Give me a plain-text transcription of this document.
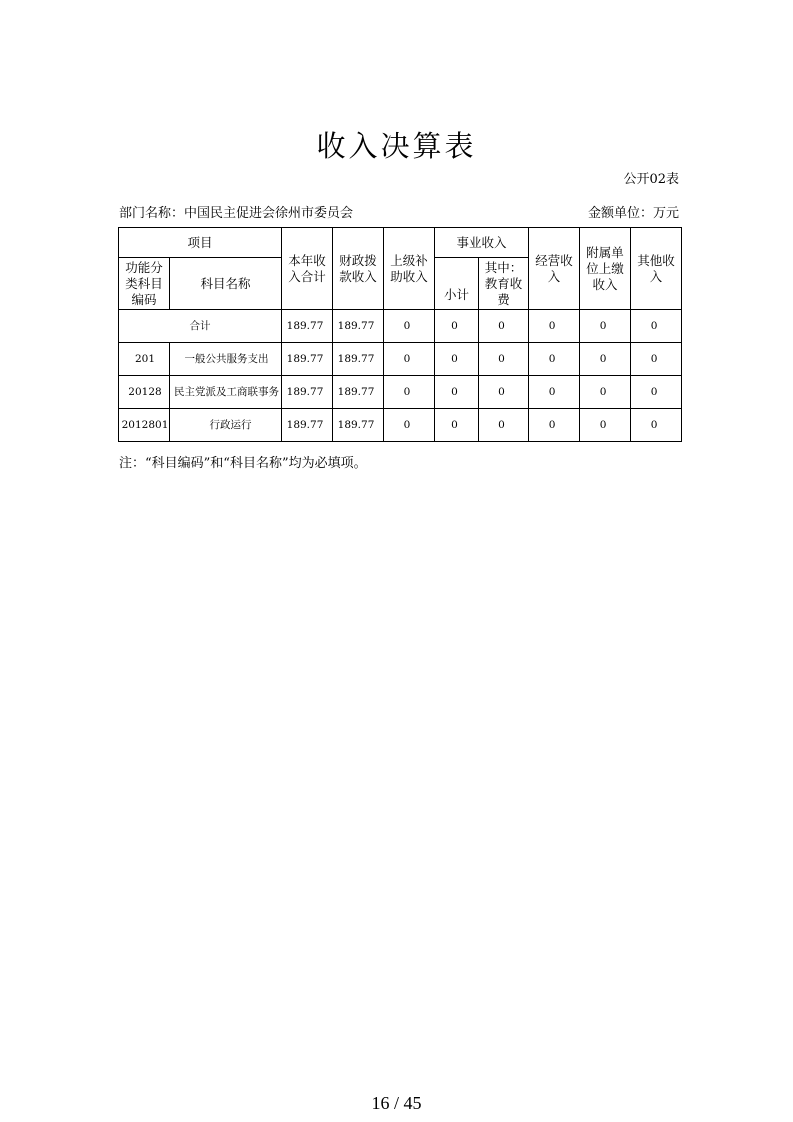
收入决算表
公开02表
部门名称：中国民主促进会徐州市委员会	金额单位：万元
项目		本年收入合计	财政拨款收入	上级补助收入	事业收入		经营收入	附属单位上缴收入	其他收入
功能分类科目编码	科目名称				小计	其中：教育收费			
合计		189.77	189.77	0	0	0	0	0	0
201	一般公共服务支出	189.77	189.77	0	0	0	0	0	0
20128	民主党派及工商联事务	189.77	189.77	0	0	0	0	0	0
2012801	行政运行	189.77	189.77	0	0	0	0	0	0
注：“科目编码”和“科目名称”均为必填项。
16 / 45
